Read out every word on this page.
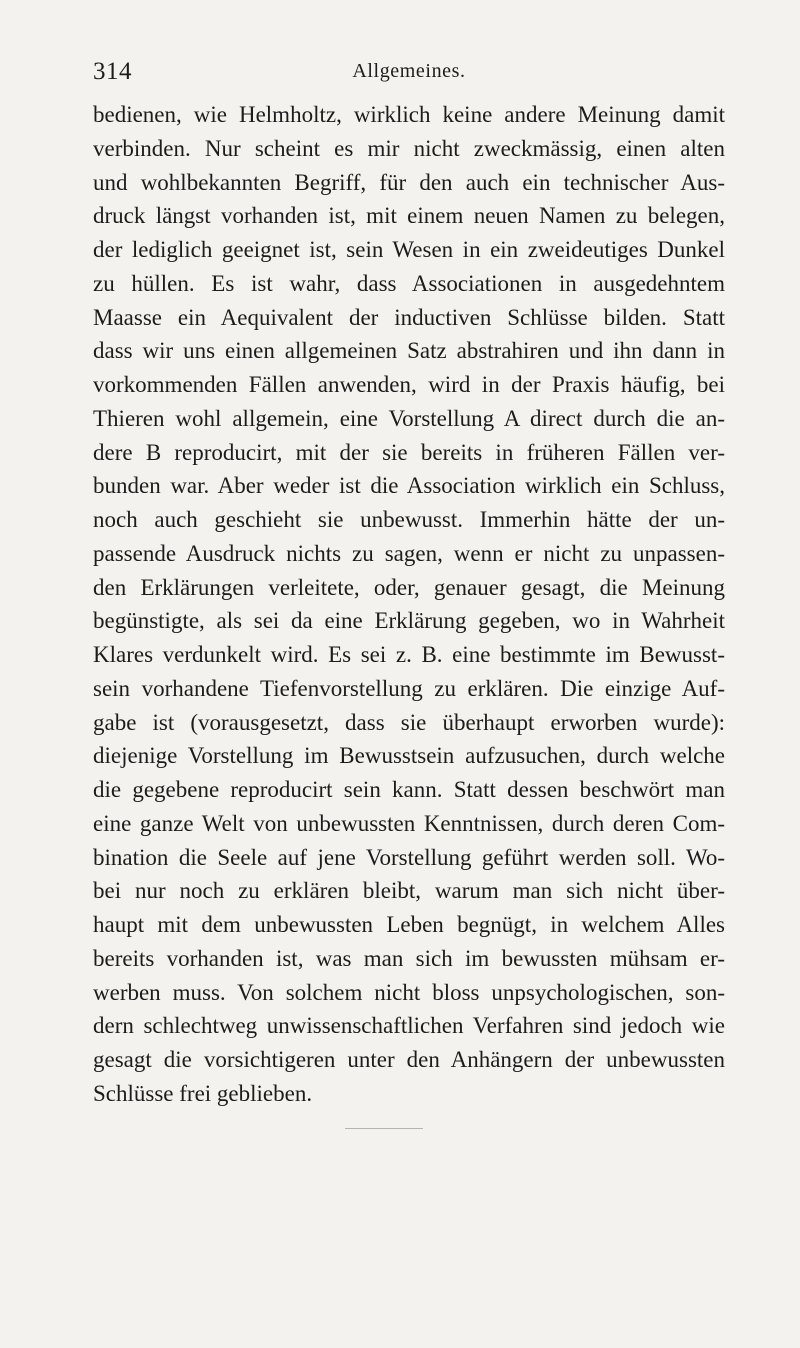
314	Allgemeines.
bedienen, wie Helmholtz, wirklich keine andere Meinung damit
verbinden. Nur scheint es mir nicht zweckmässig, einen alten
und wohlbekannten Begriff, für den auch ein technischer Aus-
druck längst vorhanden ist, mit einem neuen Namen zu belegen,
der lediglich geeignet ist, sein Wesen in ein zweideutiges Dunkel
zu hüllen. Es ist wahr, dass Associationen in ausgedehntem
Maasse ein Aequivalent der inductiven Schlüsse bilden. Statt
dass wir uns einen allgemeinen Satz abstrahiren und ihn dann in
vorkommenden Fällen anwenden, wird in der Praxis häufig, bei
Thieren wohl allgemein, eine Vorstellung A direct durch die an-
dere B reproducirt, mit der sie bereits in früheren Fällen ver-
bunden war. Aber weder ist die Association wirklich ein Schluss,
noch auch geschieht sie unbewusst. Immerhin hätte der un-
passende Ausdruck nichts zu sagen, wenn er nicht zu unpassen-
den Erklärungen verleitete, oder, genauer gesagt, die Meinung
begünstigte, als sei da eine Erklärung gegeben, wo in Wahrheit
Klares verdunkelt wird. Es sei z. B. eine bestimmte im Bewusst-
sein vorhandene Tiefenvorstellung zu erklären. Die einzige Auf-
gabe ist (vorausgesetzt, dass sie überhaupt erworben wurde):
diejenige Vorstellung im Bewusstsein aufzusuchen, durch welche
die gegebene reproducirt sein kann. Statt dessen beschwört man
eine ganze Welt von unbewussten Kenntnissen, durch deren Com-
bination die Seele auf jene Vorstellung geführt werden soll. Wo-
bei nur noch zu erklären bleibt, warum man sich nicht über-
haupt mit dem unbewussten Leben begnügt, in welchem Alles
bereits vorhanden ist, was man sich im bewussten mühsam er-
werben muss. Von solchem nicht bloss unpsychologischen, son-
dern schlechtweg unwissenschaftlichen Verfahren sind jedoch wie
gesagt die vorsichtigeren unter den Anhängern der unbewussten
Schlüsse frei geblieben.
